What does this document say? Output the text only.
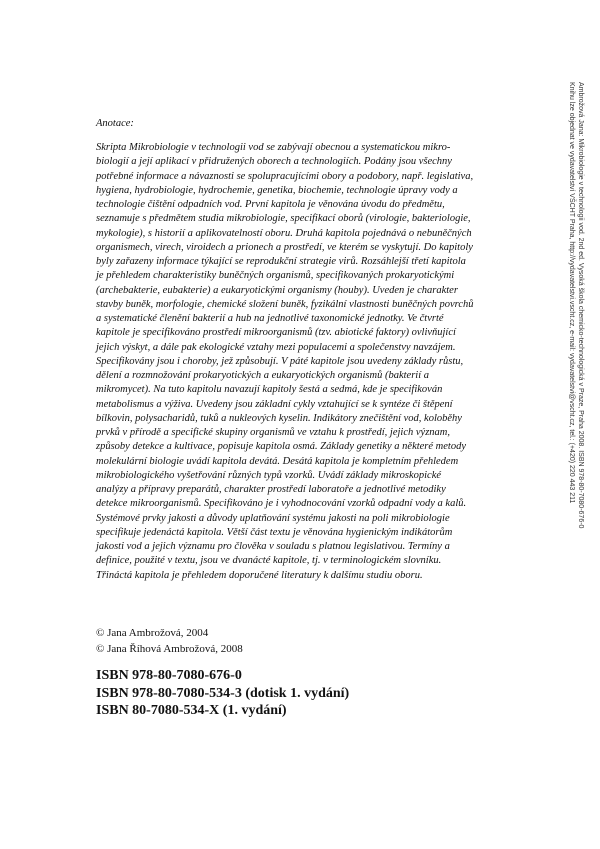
Ambrožová Jana: Mikrobiologie v technologii vod. 2nd ed. Vysoká škola chemicko-technologická v Praze, Praha 2008. ISBN 978-80-7080-676-0
Knihu lze objednat ve vydavatelství VŠCHT Praha, http://vydavatelstvi.vscht.cz, e-mail: vydavatelstvi@vscht.cz, tel.: (+420) 220 443 211
Anotace:
Skripta Mikrobiologie v technologii vod se zabývají obecnou a systematickou mikro-
biologií a její aplikací v přidružených oborech a technologiích. Podány jsou všechny
potřebné informace a návaznosti se spolupracujícími obory a podobory, např. legislativa,
hygiena, hydrobiologie, hydrochemie, genetika, biochemie, technologie úpravy vody a
technologie čištění odpadních vod. První kapitola je věnována úvodu do předmětu,
seznamuje s předmětem studia mikrobiologie, specifikací oborů (virologie, bakteriologie,
mykologie), s historií a aplikovatelností oboru. Druhá kapitola pojednává o nebuněčných
organismech, virech, viroidech a prionech a prostředí, ve kterém se vyskytují. Do kapitoly
byly zařazeny informace týkající se reprodukční strategie virů. Rozsáhlejší třetí kapitola
je přehledem charakteristiky buněčných organismů, specifikovaných prokaryotickými
(archebakterie, eubakterie) a eukaryotickými organismy (houby). Uveden je charakter
stavby buněk, morfologie, chemické složení buněk, fyzikální vlastnosti buněčných povrchů
a systematické členění bakterií a hub na jednotlivé taxonomické jednotky. Ve čtvrté
kapitole je specifikováno prostředí mikroorganismů (tzv. abiotické faktory) ovlivňující
jejich výskyt, a dále pak ekologické vztahy mezi populacemi a společenstvy navzájem.
Specifikovány jsou i choroby, jež způsobují. V páté kapitole jsou uvedeny základy růstu,
dělení a rozmnožování prokaryotických a eukaryotických organismů (bakterií a
mikromycet). Na tuto kapitolu navazují kapitoly šestá a sedmá, kde je specifikován
metabolismus a výživa. Uvedeny jsou základní cykly vztahující se k syntéze či štěpení
bílkovin, polysacharidů, tuků a nukleových kyselin. Indikátory znečištění vod, koloběhy
prvků v přírodě a specifické skupiny organismů ve vztahu k prostředí, jejich význam,
způsoby detekce a kultivace, popisuje kapitola osmá. Základy genetiky a některé metody
molekulární biologie uvádí kapitola devátá. Desátá kapitola je kompletním přehledem
mikrobiologického vyšetřování různých typů vzorků. Uvádí základy mikroskopické
analýzy a přípravy preparátů, charakter prostředí laboratoře a jednotlivé metodiky
detekce mikroorganismů. Specifikováno je i vyhodnocování vzorků odpadní vody a kalů.
Systémové prvky jakosti a důvody uplatňování systému jakosti na poli mikrobiologie
specifikuje jedenáctá kapitola. Větší část textu je věnována hygienickým indikátorům
jakosti vod a jejich významu pro člověka v souladu s platnou legislativou. Termíny a
definice, použité v textu, jsou ve dvanácté kapitole, tj. v terminologickém slovníku.
Třináctá kapitola je přehledem doporučené literatury k dalšímu studiu oboru.
© Jana Ambrožová, 2004
© Jana Říhová Ambrožová, 2008
ISBN 978-80-7080-676-0
ISBN 978-80-7080-534-3 (dotisk 1. vydání)
ISBN 80-7080-534-X (1. vydání)
